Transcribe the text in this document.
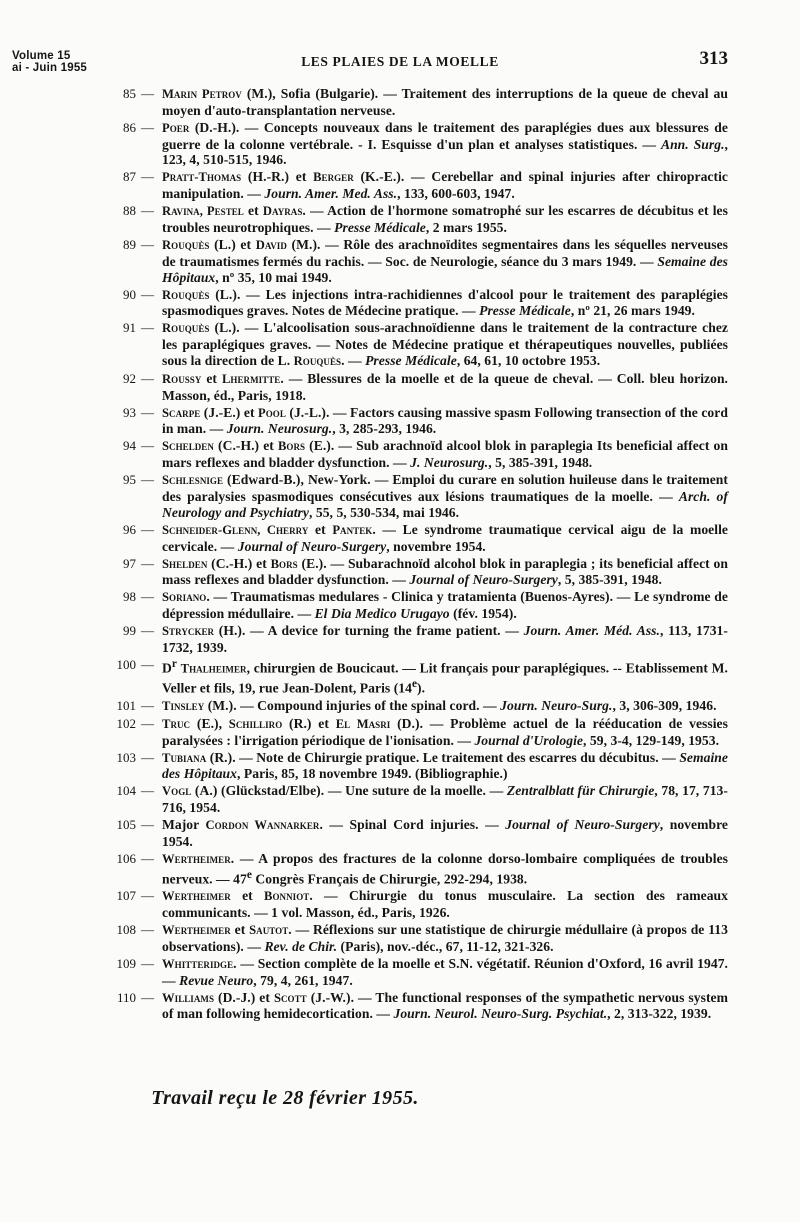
Volume 15
ai - Juin 1955	LES PLAIES DE LA MOELLE	313
85 — Marin Petrov (M.), Sofia (Bulgarie). — Traitement des interruptions de la queue de cheval au moyen d'auto-transplantation nerveuse.
86 — Poer (D.-H.). — Concepts nouveaux dans le traitement des paraplégies dues aux blessures de guerre de la colonne vertébrale. - I. Esquisse d'un plan et analyses statistiques. — Ann. Surg., 123, 4, 510-515, 1946.
87 — Pratt-Thomas (H.-R.) et Berger (K.-E.). — Cerebellar and spinal injuries after chiropractic manipulation. — Journ. Amer. Med. Ass., 133, 600-603, 1947.
88 — Ravina, Pestel et Dayras. — Action de l'hormone somatrophé sur les escarres de décubitus et les troubles neurotrophiques. — Presse Médicale, 2 mars 1955.
89 — Rouquès (L.) et David (M.). — Rôle des arachnoïdites segmentaires dans les séquelles nerveuses de traumatismes fermés du rachis. — Soc. de Neurologie, séance du 3 mars 1949. — Semaine des Hôpitaux, nº 35, 10 mai 1949.
90 — Rouquès (L.). — Les injections intra-rachidiennes d'alcool pour le traitement des paraplégies spasmodiques graves. Notes de Médecine pratique. — Presse Médicale, nº 21, 26 mars 1949.
91 — Rouquès (L.). — L'alcoolisation sous-arachnoïdienne dans le traitement de la contracture chez les paraplégiques graves. — Notes de Médecine pratique et thérapeutiques nouvelles, publiées sous la direction de L. Rouquès. — Presse Médicale, 64, 61, 10 octobre 1953.
92 — Roussy et Lhermitte. — Blessures de la moelle et de la queue de cheval. — Coll. bleu horizon. Masson, éd., Paris, 1918.
93 — Scarpe (J.-E.) et Pool (J.-L.). — Factors causing massive spasm Following transection of the cord in man. — Journ. Neurosurg., 3, 285-293, 1946.
94 — Schelden (C.-H.) et Bors (E.). — Sub arachnoïd alcool blok in paraplegia Its beneficial affect on mars reflexes and bladder dysfunction. — J. Neurosurg., 5, 385-391, 1948.
95 — Schlesnige (Edward-B.), New-York. — Emploi du curare en solution huileuse dans le traitement des paralysies spasmodiques consécutives aux lésions traumatiques de la moelle. — Arch. of Neurology and Psychiatry, 55, 5, 530-534, mai 1946.
96 — Schneider-Glenn, Cherry et Pantek. — Le syndrome traumatique cervical aigu de la moelle cervicale. — Journal of Neuro-Surgery, novembre 1954.
97 — Shelden (C.-H.) et Bors (E.). — Subarachnoïd alcohol blok in paraplegia ; its beneficial affect on mass reflexes and bladder dysfunction. — Journal of Neuro-Surgery, 5, 385-391, 1948.
98 — Soriano. — Traumatismas medulares - Clinica y tratamienta (Buenos-Ayres). — Le syndrome de dépression médullaire. — El Dia Medico Urugayo (fév. 1954).
99 — Strycker (H.). — A device for turning the frame patient. — Journ. Amer. Méd. Ass., 113, 1731-1732, 1939.
100 — $D^r$ Thalheimer, chirurgien de Boucicaut. — Lit français pour paraplégiques. -- Etablissement M. Veller et fils, 19, rue Jean-Dolent, Paris (14e).
101 — Tinsley (M.). — Compound injuries of the spinal cord. — Journ. Neuro-Surg., 3, 306-309, 1946.
102 — Truc (E.), Schilliro (R.) et El Masri (D.). — Problème actuel de la rééducation de vessies paralysées : l'irrigation périodique de l'ionisation. — Journal d'Urologie, 59, 3-4, 129-149, 1953.
103 — Tubiana (R.). — Note de Chirurgie pratique. Le traitement des escarres du décubitus. — Semaine des Hôpitaux, Paris, 85, 18 novembre 1949. (Bibliographie.)
104 — Vogl (A.) (Glückstad/Elbe). — Une suture de la moelle. — Zentralblatt für Chirurgie, 78, 17, 713-716, 1954.
105 — Major Cordon Wannarker. — Spinal Cord injuries. — Journal of Neuro-Surgery, novembre 1954.
106 — Wertheimer. — A propos des fractures de la colonne dorso-lombaire compliquées de troubles nerveux. — 47e Congrès Français de Chirurgie, 292-294, 1938.
107 — Wertheimer et Bonniot. — Chirurgie du tonus musculaire. La section des rameaux communicants. — 1 vol. Masson, éd., Paris, 1926.
108 — Wertheimer et Sautot. — Réflexions sur une statistique de chirurgie médullaire (à propos de 113 observations). — Rev. de Chir. (Paris), nov.-déc., 67, 11-12, 321-326.
109 — Whitteridge. — Section complète de la moelle et S.N. végétatif. Réunion d'Oxford, 16 avril 1947. — Revue Neuro, 79, 4, 261, 1947.
110 — Williams (D.-J.) et Scott (J.-W.). — The functional responses of the sympathetic nervous system of man following hemidecortication. — Journ. Neurol. Neuro-Surg. Psychiat., 2, 313-322, 1939.
Travail reçu le 28 février 1955.
